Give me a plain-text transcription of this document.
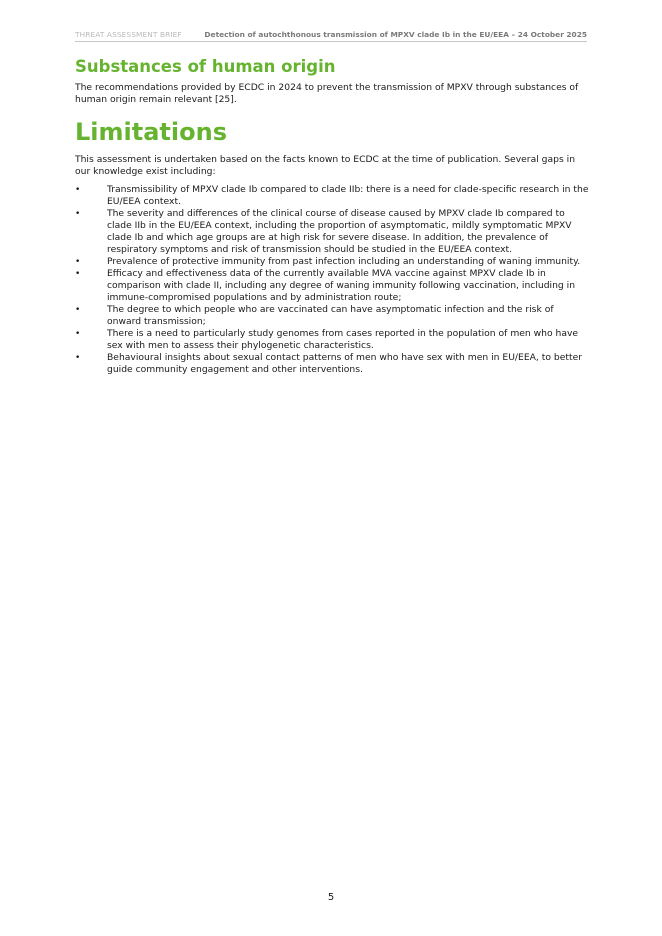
THREAT ASSESSMENT BRIEF	Detection of autochthonous transmission of MPXV clade Ib in the EU/EEA – 24 October 2025
Substances of human origin

The recommendations provided by ECDC in 2024 to prevent the transmission of MPXV through substances of human origin remain relevant [25].

Limitations

This assessment is undertaken based on the facts known to ECDC at the time of publication. Several gaps in our knowledge exist including:

•	Transmissibility of MPXV clade Ib compared to clade IIb: there is a need for clade-specific research in the EU/EEA context.
•	The severity and differences of the clinical course of disease caused by MPXV clade Ib compared to clade IIb in the EU/EEA context, including the proportion of asymptomatic, mildly symptomatic MPXV clade Ib and which age groups are at high risk for severe disease. In addition, the prevalence of respiratory symptoms and risk of transmission should be studied in the EU/EEA context.
•	Prevalence of protective immunity from past infection including an understanding of waning immunity.
•	Efficacy and effectiveness data of the currently available MVA vaccine against MPXV clade Ib in comparison with clade II, including any degree of waning immunity following vaccination, including in immune-compromised populations and by administration route;
•	The degree to which people who are vaccinated can have asymptomatic infection and the risk of onward transmission;
•	There is a need to particularly study genomes from cases reported in the population of men who have sex with men to assess their phylogenetic characteristics.
•	Behavioural insights about sexual contact patterns of men who have sex with men in EU/EEA, to better guide community engagement and other interventions.
5
